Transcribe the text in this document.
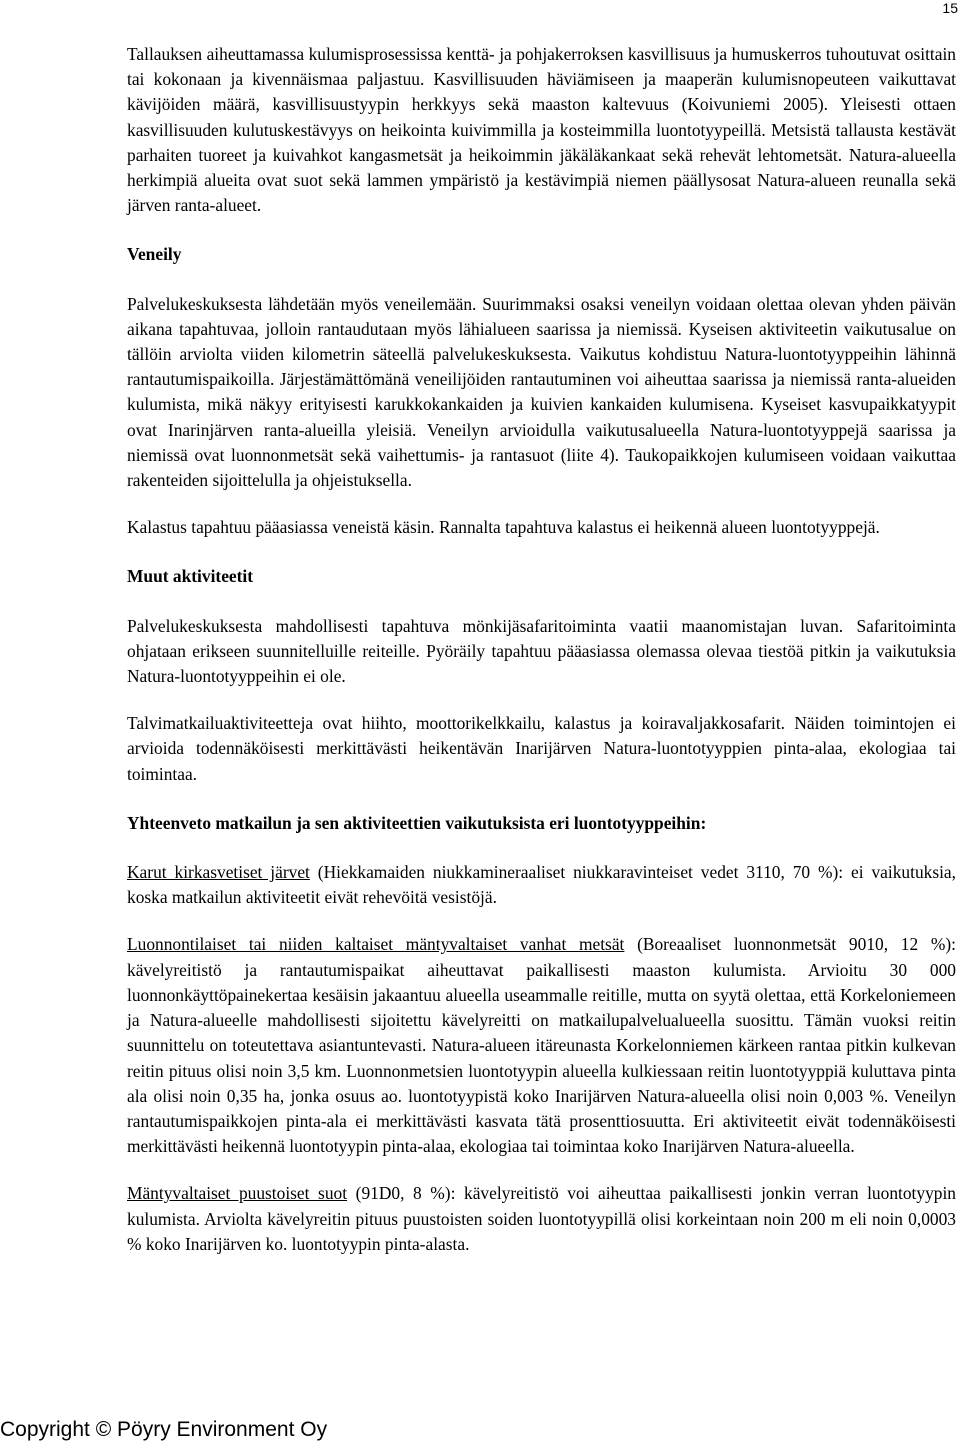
15

Tallauksen aiheuttamassa kulumisprosessissa kenttä- ja pohjakerroksen kasvillisuus ja humuskerros tuhoutuvat osittain tai kokonaan ja kivennäismaa paljastuu. Kasvillisuuden häviämiseen ja maaperän kulumisnopeuteen vaikuttavat kävijöiden määrä, kasvillisuustyypin herkkyys sekä maaston kaltevuus (Koivuniemi 2005). Yleisesti ottaen kasvillisuuden kulutuskestävyys on heikointa kuivimmilla ja kosteimmilla luontotyypeillä. Metsistä tallausta kestävät parhaiten tuoreet ja kuivahkot kangasmetsät ja heikoimmin jäkäläkankaat sekä rehevät lehtometsät. Natura-alueella herkimpiä alueita ovat suot sekä lammen ympäristö ja kestävimpiä niemen päällysosat Natura-alueen reunalla sekä järven ranta-alueet.

Veneily

Palvelukeskuksesta lähdetään myös veneilemään. Suurimmaksi osaksi veneilyn voidaan olettaa olevan yhden päivän aikana tapahtuvaa, jolloin rantaudutaan myös lähialueen saarissa ja niemissä. Kyseisen aktiviteetin vaikutusalue on tällöin arviolta viiden kilometrin säteellä palvelukeskuksesta. Vaikutus kohdistuu Natura-luontotyyppeihin lähinnä rantautumispaikoilla. Järjestämättömänä veneilijöiden rantautuminen voi aiheuttaa saarissa ja niemissä ranta-alueiden kulumista, mikä näkyy erityisesti karukkokankaiden ja kuivien kankaiden kulumisena. Kyseiset kasvupaikkatyypit ovat Inarinjärven ranta-alueilla yleisiä. Veneilyn arvioidulla vaikutusalueella Natura-luontotyyppejä saarissa ja niemissä ovat luonnonmetsät sekä vaihettumis- ja rantasuot (liite 4). Taukopaikkojen kulumiseen voidaan vaikuttaa rakenteiden sijoittelulla ja ohjeistuksella.

Kalastus tapahtuu pääasiassa veneistä käsin. Rannalta tapahtuva kalastus ei heikennä alueen luontotyyppejä.

Muut aktiviteetit

Palvelukeskuksesta mahdollisesti tapahtuva mönkijäsafaritoiminta vaatii maanomistajan luvan. Safaritoiminta ohjataan erikseen suunnitelluille reiteille. Pyöräily tapahtuu pääasiassa olemassa olevaa tiestöä pitkin ja vaikutuksia Natura-luontotyyppeihin ei ole.

Talvimatkailuaktiviteetteja ovat hiihto, moottorikelkkailu, kalastus ja koiravaljakkosafarit. Näiden toimintojen ei arvioida todennäköisesti merkittävästi heikentävän Inarijärven Natura-luontotyyppien pinta-alaa, ekologiaa tai toimintaa.

Yhteenveto matkailun ja sen aktiviteettien vaikutuksista eri luontotyyppeihin:

Karut kirkasvetiset järvet (Hiekkamaiden niukkamineraaliset niukkaravinteiset vedet 3110, 70 %): ei vaikutuksia, koska matkailun aktiviteetit eivät rehevöitä vesistöjä.

Luonnontilaiset tai niiden kaltaiset mäntyvaltaiset vanhat metsät (Boreaaliset luonnonmetsät 9010, 12 %): kävelyreitistö ja rantautumispaikat aiheuttavat paikallisesti maaston kulumista. Arvioitu 30 000 luonnonkäyttöpainekertaa kesäisin jakaantuu alueella useammalle reitille, mutta on syytä olettaa, että Korkeloniemeen ja Natura-alueelle mahdollisesti sijoitettu kävelyreitti on matkailupalvelualueella suosittu. Tämän vuoksi reitin suunnittelu on toteutettava asiantuntevasti. Natura-alueen itäreunasta Korkelonniemen kärkeen rantaa pitkin kulkevan reitin pituus olisi noin 3,5 km. Luonnonmetsien luontotyypin alueella kulkiessaan reitin luontotyyppiä kuluttava pinta ala olisi noin 0,35 ha, jonka osuus ao. luontotyypistä koko Inarijärven Natura-alueella olisi noin 0,003 %. Veneilyn rantautumispaikkojen pinta-ala ei merkittävästi kasvata tätä prosenttiosuutta. Eri aktiviteetit eivät todennäköisesti merkittävästi heikennä luontotyypin pinta-alaa, ekologiaa tai toimintaa koko Inarijärven Natura-alueella.

Mäntyvaltaiset puustoiset suot (91D0, 8 %): kävelyreitistö voi aiheuttaa paikallisesti jonkin verran luontotyypin kulumista. Arviolta kävelyreitin pituus puustoisten soiden luontotyypillä olisi korkeintaan noin 200 m eli noin 0,0003 % koko Inarijärven ko. luontotyypin pinta-alasta.

Copyright © Pöyry Environment Oy
